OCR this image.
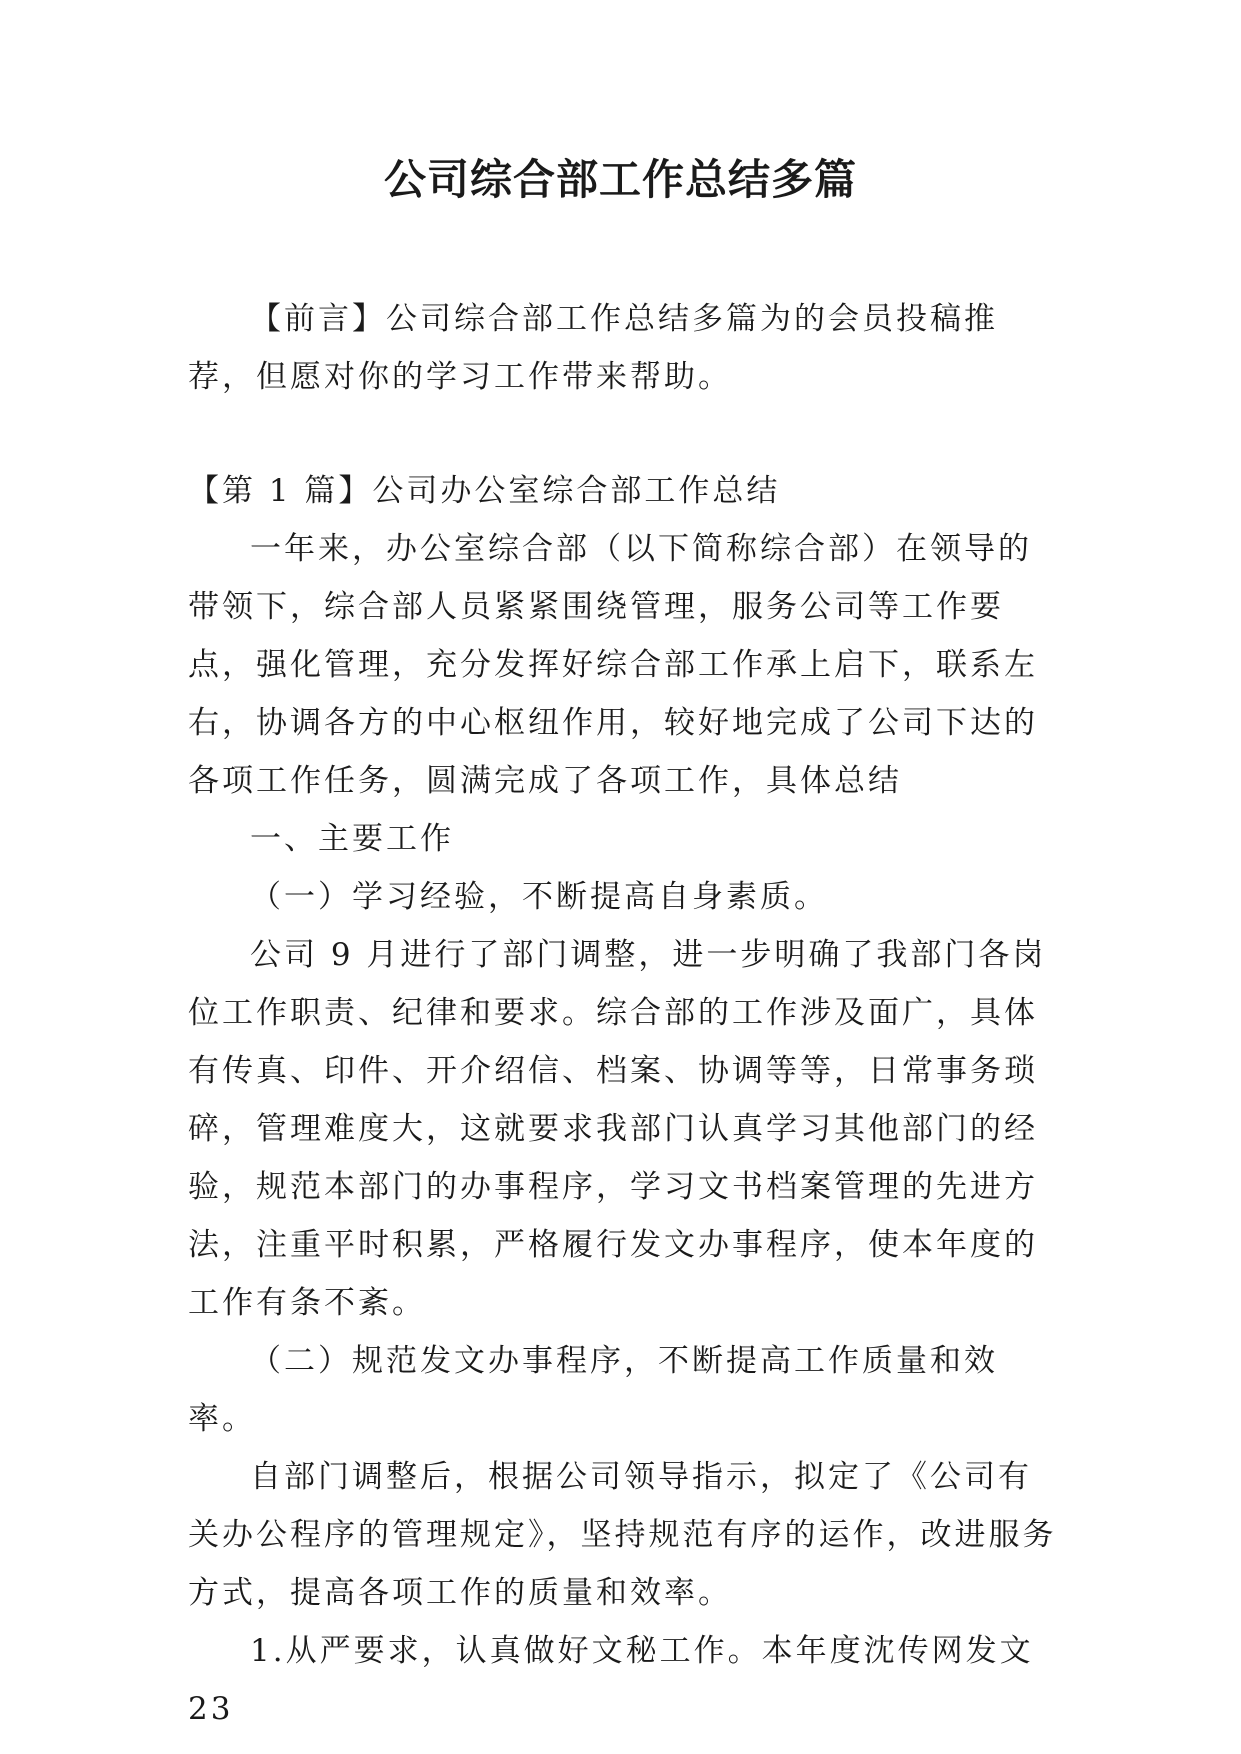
公司综合部工作总结多篇

【前言】公司综合部工作总结多篇为的会员投稿推荐，但愿对你的学习工作带来帮助。

【第 1 篇】公司办公室综合部工作总结

一年来，办公室综合部（以下简称综合部）在领导的带领下，综合部人员紧紧围绕管理，服务公司等工作要点，强化管理，充分发挥好综合部工作承上启下，联系左右，协调各方的中心枢纽作用，较好地完成了公司下达的各项工作任务，圆满完成了各项工作，具体总结

一、主要工作

（一）学习经验，不断提高自身素质。

公司 9 月进行了部门调整，进一步明确了我部门各岗位工作职责、纪律和要求。综合部的工作涉及面广，具体有传真、印件、开介绍信、档案、协调等等，日常事务琐碎，管理难度大，这就要求我部门认真学习其他部门的经验，规范本部门的办事程序，学习文书档案管理的先进方法，注重平时积累，严格履行发文办事程序，使本年度的工作有条不紊。

（二）规范发文办事程序，不断提高工作质量和效率。

自部门调整后，根据公司领导指示，拟定了《公司有关办公程序的管理规定》，坚持规范有序的运作，改进服务方式，提高各项工作的质量和效率。

1.从严要求，认真做好文秘工作。本年度沈传网发文 23
